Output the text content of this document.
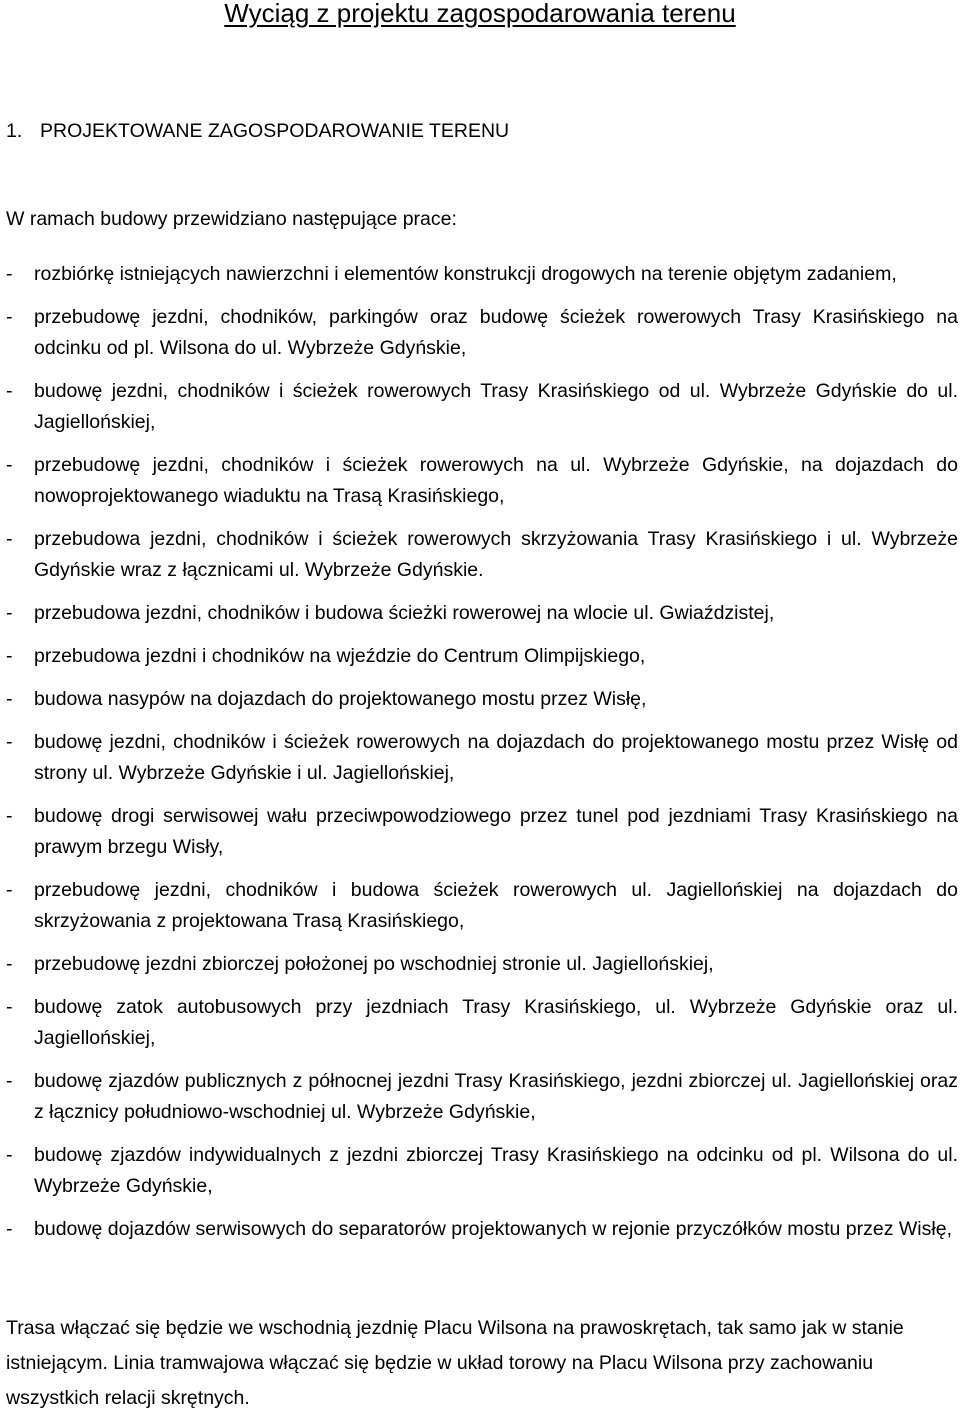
Wyciąg z projektu zagospodarowania terenu
1. PROJEKTOWANE ZAGOSPODAROWANIE TERENU
W ramach budowy przewidziano następujące prace:
-	rozbiórkę istniejących nawierzchni i elementów konstrukcji drogowych na terenie objętym zadaniem,
-	przebudowę jezdni, chodników, parkingów oraz budowę ścieżek rowerowych Trasy Krasińskiego na odcinku od pl. Wilsona do ul. Wybrzeże Gdyńskie,
-	budowę jezdni, chodników i ścieżek rowerowych Trasy Krasińskiego od ul. Wybrzeże Gdyńskie do ul. Jagiellońskiej,
-	przebudowę jezdni, chodników i ścieżek rowerowych na ul. Wybrzeże Gdyńskie, na dojazdach do nowoprojektowanego wiaduktu na Trasą Krasińskiego,
-	przebudowa jezdni, chodników i ścieżek rowerowych skrzyżowania Trasy Krasińskiego i ul. Wybrzeże Gdyńskie wraz z łącznicami ul. Wybrzeże Gdyńskie.
-	przebudowa jezdni, chodników i budowa ścieżki rowerowej na wlocie ul. Gwiaździstej,
-	przebudowa jezdni i chodników na wjeździe do Centrum Olimpijskiego,
-	budowa nasypów na dojazdach do projektowanego mostu przez Wisłę,
-	budowę jezdni, chodników i ścieżek rowerowych na dojazdach do projektowanego mostu przez Wisłę od strony ul. Wybrzeże Gdyńskie i ul. Jagiellońskiej,
-	budowę drogi serwisowej wału przeciwpowodziowego przez tunel pod jezdniami Trasy Krasińskiego na prawym brzegu Wisły,
-	przebudowę jezdni, chodników i budowa ścieżek rowerowych ul. Jagiellońskiej na dojazdach do skrzyżowania z projektowana Trasą Krasińskiego,
-	przebudowę jezdni zbiorczej położonej po wschodniej stronie ul. Jagiellońskiej,
-	budowę zatok autobusowych przy jezdniach Trasy Krasińskiego, ul. Wybrzeże Gdyńskie oraz ul. Jagiellońskiej,
-	budowę zjazdów publicznych z północnej jezdni Trasy Krasińskiego, jezdni zbiorczej ul. Jagiellońskiej oraz z łącznicy południowo-wschodniej ul. Wybrzeże Gdyńskie,
-	budowę zjazdów indywidualnych z jezdni zbiorczej Trasy Krasińskiego na odcinku od pl. Wilsona do ul. Wybrzeże Gdyńskie,
-	budowę dojazdów serwisowych do separatorów projektowanych w rejonie przyczółków mostu przez Wisłę,
Trasa włączać się będzie we wschodnią jezdnię Placu Wilsona na prawoskrętach, tak samo jak w stanie istniejącym. Linia tramwajowa włączać się będzie w układ torowy na Placu Wilsona przy zachowaniu wszystkich relacji skrętnych.
